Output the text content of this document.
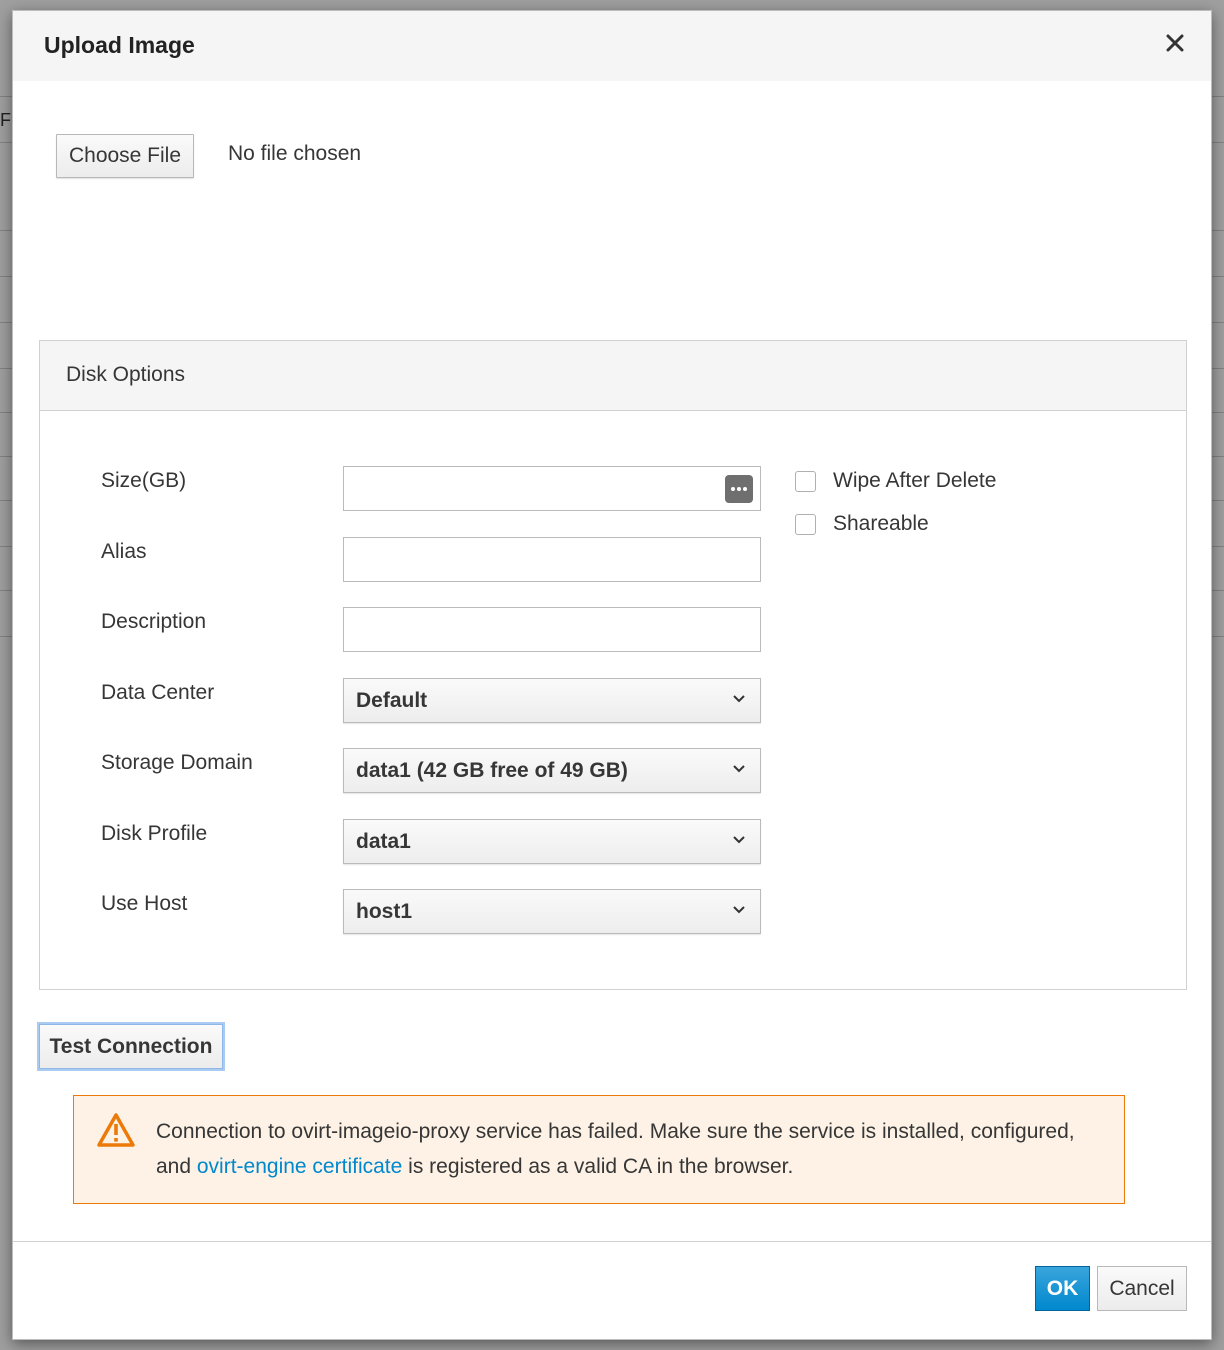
F
Upload Image
Choose File	No file chosen
Disk Options
Size(GB)
Alias
Description
Data Center	Default
Storage Domain	data1 (42 GB free of 49 GB)
Disk Profile	data1
Use Host	host1
Wipe After Delete
Shareable
Test Connection
Connection to ovirt-imageio-proxy service has failed. Make sure the service is installed, configured, and ovirt-engine certificate is registered as a valid CA in the browser.
OK	Cancel
